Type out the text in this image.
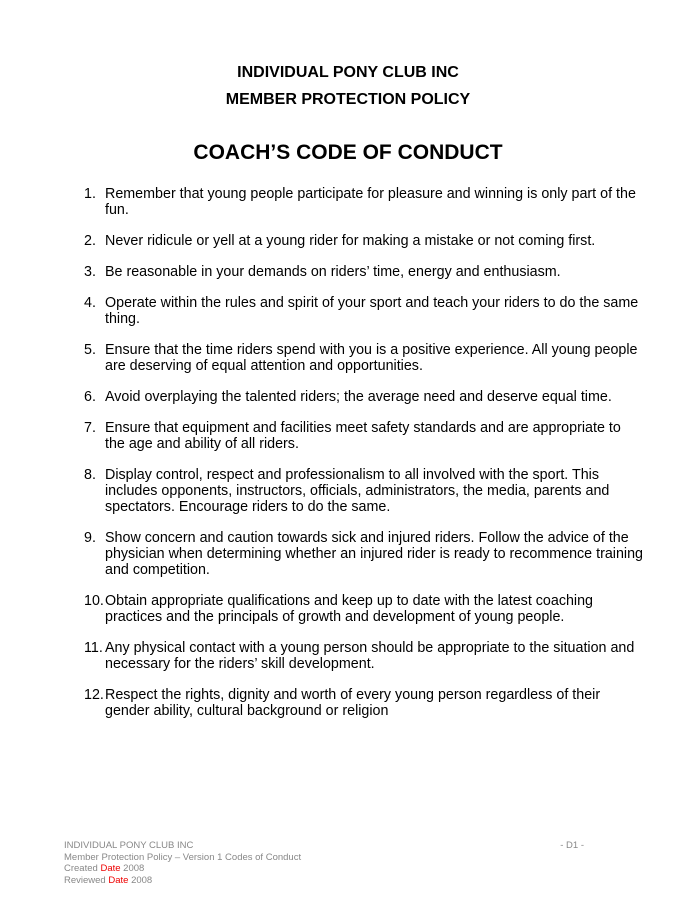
INDIVIDUAL PONY CLUB INC
MEMBER PROTECTION POLICY
COACH’S CODE OF CONDUCT
1. Remember that young people participate for pleasure and winning is only part of the fun.
2. Never ridicule or yell at a young rider for making a mistake or not coming first.
3. Be reasonable in your demands on riders’ time, energy and enthusiasm.
4. Operate within the rules and spirit of your sport and teach your riders to do the same thing.
5. Ensure that the time riders spend with you is a positive experience. All young people are deserving of equal attention and opportunities.
6. Avoid overplaying the talented riders; the average need and deserve equal time.
7. Ensure that equipment and facilities meet safety standards and are appropriate to the age and ability of all riders.
8. Display control, respect and professionalism to all involved with the sport. This includes opponents, instructors, officials, administrators, the media, parents and spectators. Encourage riders to do the same.
9. Show concern and caution towards sick and injured riders. Follow the advice of the physician when determining whether an injured rider is ready to recommence training and competition.
10. Obtain appropriate qualifications and keep up to date with the latest coaching practices and the principals of growth and development of young people.
11. Any physical contact with a young person should be appropriate to the situation and necessary for the riders’ skill development.
12. Respect the rights, dignity and worth of every young person regardless of their gender ability, cultural background or religion
INDIVIDUAL PONY CLUB INC	- D1 -
Member Protection Policy – Version 1 Codes of Conduct
Created Date 2008
Reviewed Date 2008
